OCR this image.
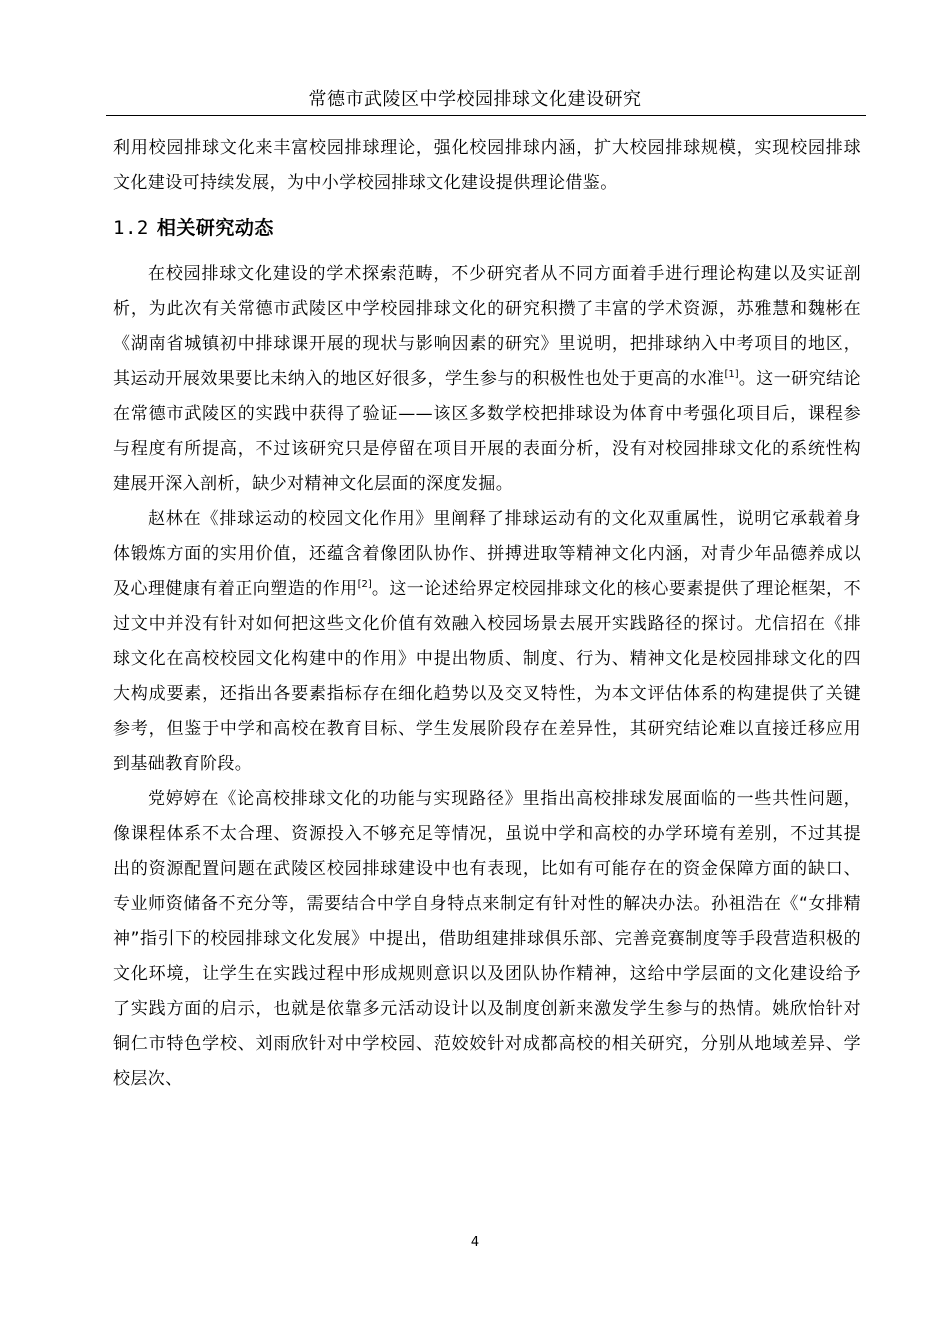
常德市武陵区中学校园排球文化建设研究

利用校园排球文化来丰富校园排球理论，强化校园排球内涵，扩大校园排球规模，实现校园排球文化建设可持续发展，为中小学校园排球文化建设提供理论借鉴。

1.2 相关研究动态

在校园排球文化建设的学术探索范畴，不少研究者从不同方面着手进行理论构建以及实证剖析，为此次有关常德市武陵区中学校园排球文化的研究积攒了丰富的学术资源，苏雅慧和魏彬在《湖南省城镇初中排球课开展的现状与影响因素的研究》里说明，把排球纳入中考项目的地区，其运动开展效果要比未纳入的地区好很多，学生参与的积极性也处于更高的水准[1]。这一研究结论在常德市武陵区的实践中获得了验证——该区多数学校把排球设为体育中考强化项目后，课程参与程度有所提高，不过该研究只是停留在项目开展的表面分析，没有对校园排球文化的系统性构建展开深入剖析，缺少对精神文化层面的深度发掘。

赵林在《排球运动的校园文化作用》里阐释了排球运动有的文化双重属性，说明它承载着身体锻炼方面的实用价值，还蕴含着像团队协作、拼搏进取等精神文化内涵，对青少年品德养成以及心理健康有着正向塑造的作用[2]。这一论述给界定校园排球文化的核心要素提供了理论框架，不过文中并没有针对如何把这些文化价值有效融入校园场景去展开实践路径的探讨。尤信招在《排球文化在高校校园文化构建中的作用》中提出物质、制度、行为、精神文化是校园排球文化的四大构成要素，还指出各要素指标存在细化趋势以及交叉特性，为本文评估体系的构建提供了关键参考，但鉴于中学和高校在教育目标、学生发展阶段存在差异性，其研究结论难以直接迁移应用到基础教育阶段。

党婷婷在《论高校排球文化的功能与实现路径》里指出高校排球发展面临的一些共性问题，像课程体系不太合理、资源投入不够充足等情况，虽说中学和高校的办学环境有差别，不过其提出的资源配置问题在武陵区校园排球建设中也有表现，比如有可能存在的资金保障方面的缺口、专业师资储备不充分等，需要结合中学自身特点来制定有针对性的解决办法。孙祖浩在《“女排精神”指引下的校园排球文化发展》中提出，借助组建排球俱乐部、完善竞赛制度等手段营造积极的文化环境，让学生在实践过程中形成规则意识以及团队协作精神，这给中学层面的文化建设给予了实践方面的启示，也就是依靠多元活动设计以及制度创新来激发学生参与的热情。姚欣怡针对铜仁市特色学校、刘雨欣针对中学校园、范姣姣针对成都高校的相关研究，分别从地域差异、学校层次、

4
